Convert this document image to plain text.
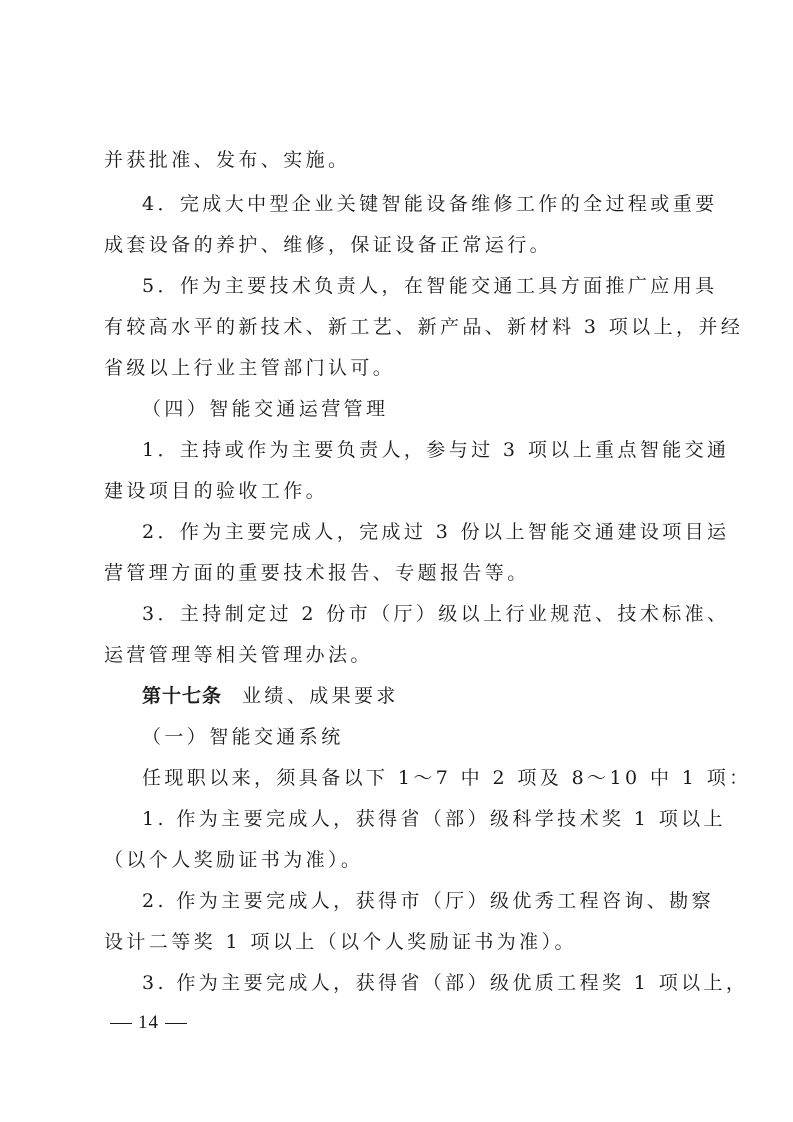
并获批准、发布、实施。
4．完成大中型企业关键智能设备维修工作的全过程或重要
成套设备的养护、维修，保证设备正常运行。
5．作为主要技术负责人，在智能交通工具方面推广应用具
有较高水平的新技术、新工艺、新产品、新材料 3 项以上，并经
省级以上行业主管部门认可。
（四）智能交通运营管理
1．主持或作为主要负责人，参与过 3 项以上重点智能交通
建设项目的验收工作。
2．作为主要完成人，完成过 3 份以上智能交通建设项目运
营管理方面的重要技术报告、专题报告等。
3．主持制定过 2 份市（厅）级以上行业规范、技术标准、
运营管理等相关管理办法。
第十七条 业绩、成果要求
（一）智能交通系统
任现职以来，须具备以下 1～7 中 2 项及 8～10 中 1 项：
1. 作为主要完成人，获得省（部）级科学技术奖 1 项以上
（以个人奖励证书为准）。
2. 作为主要完成人，获得市（厅）级优秀工程咨询、勘察
设计二等奖 1 项以上（以个人奖励证书为准）。
3. 作为主要完成人，获得省（部）级优质工程奖 1 项以上，
14
